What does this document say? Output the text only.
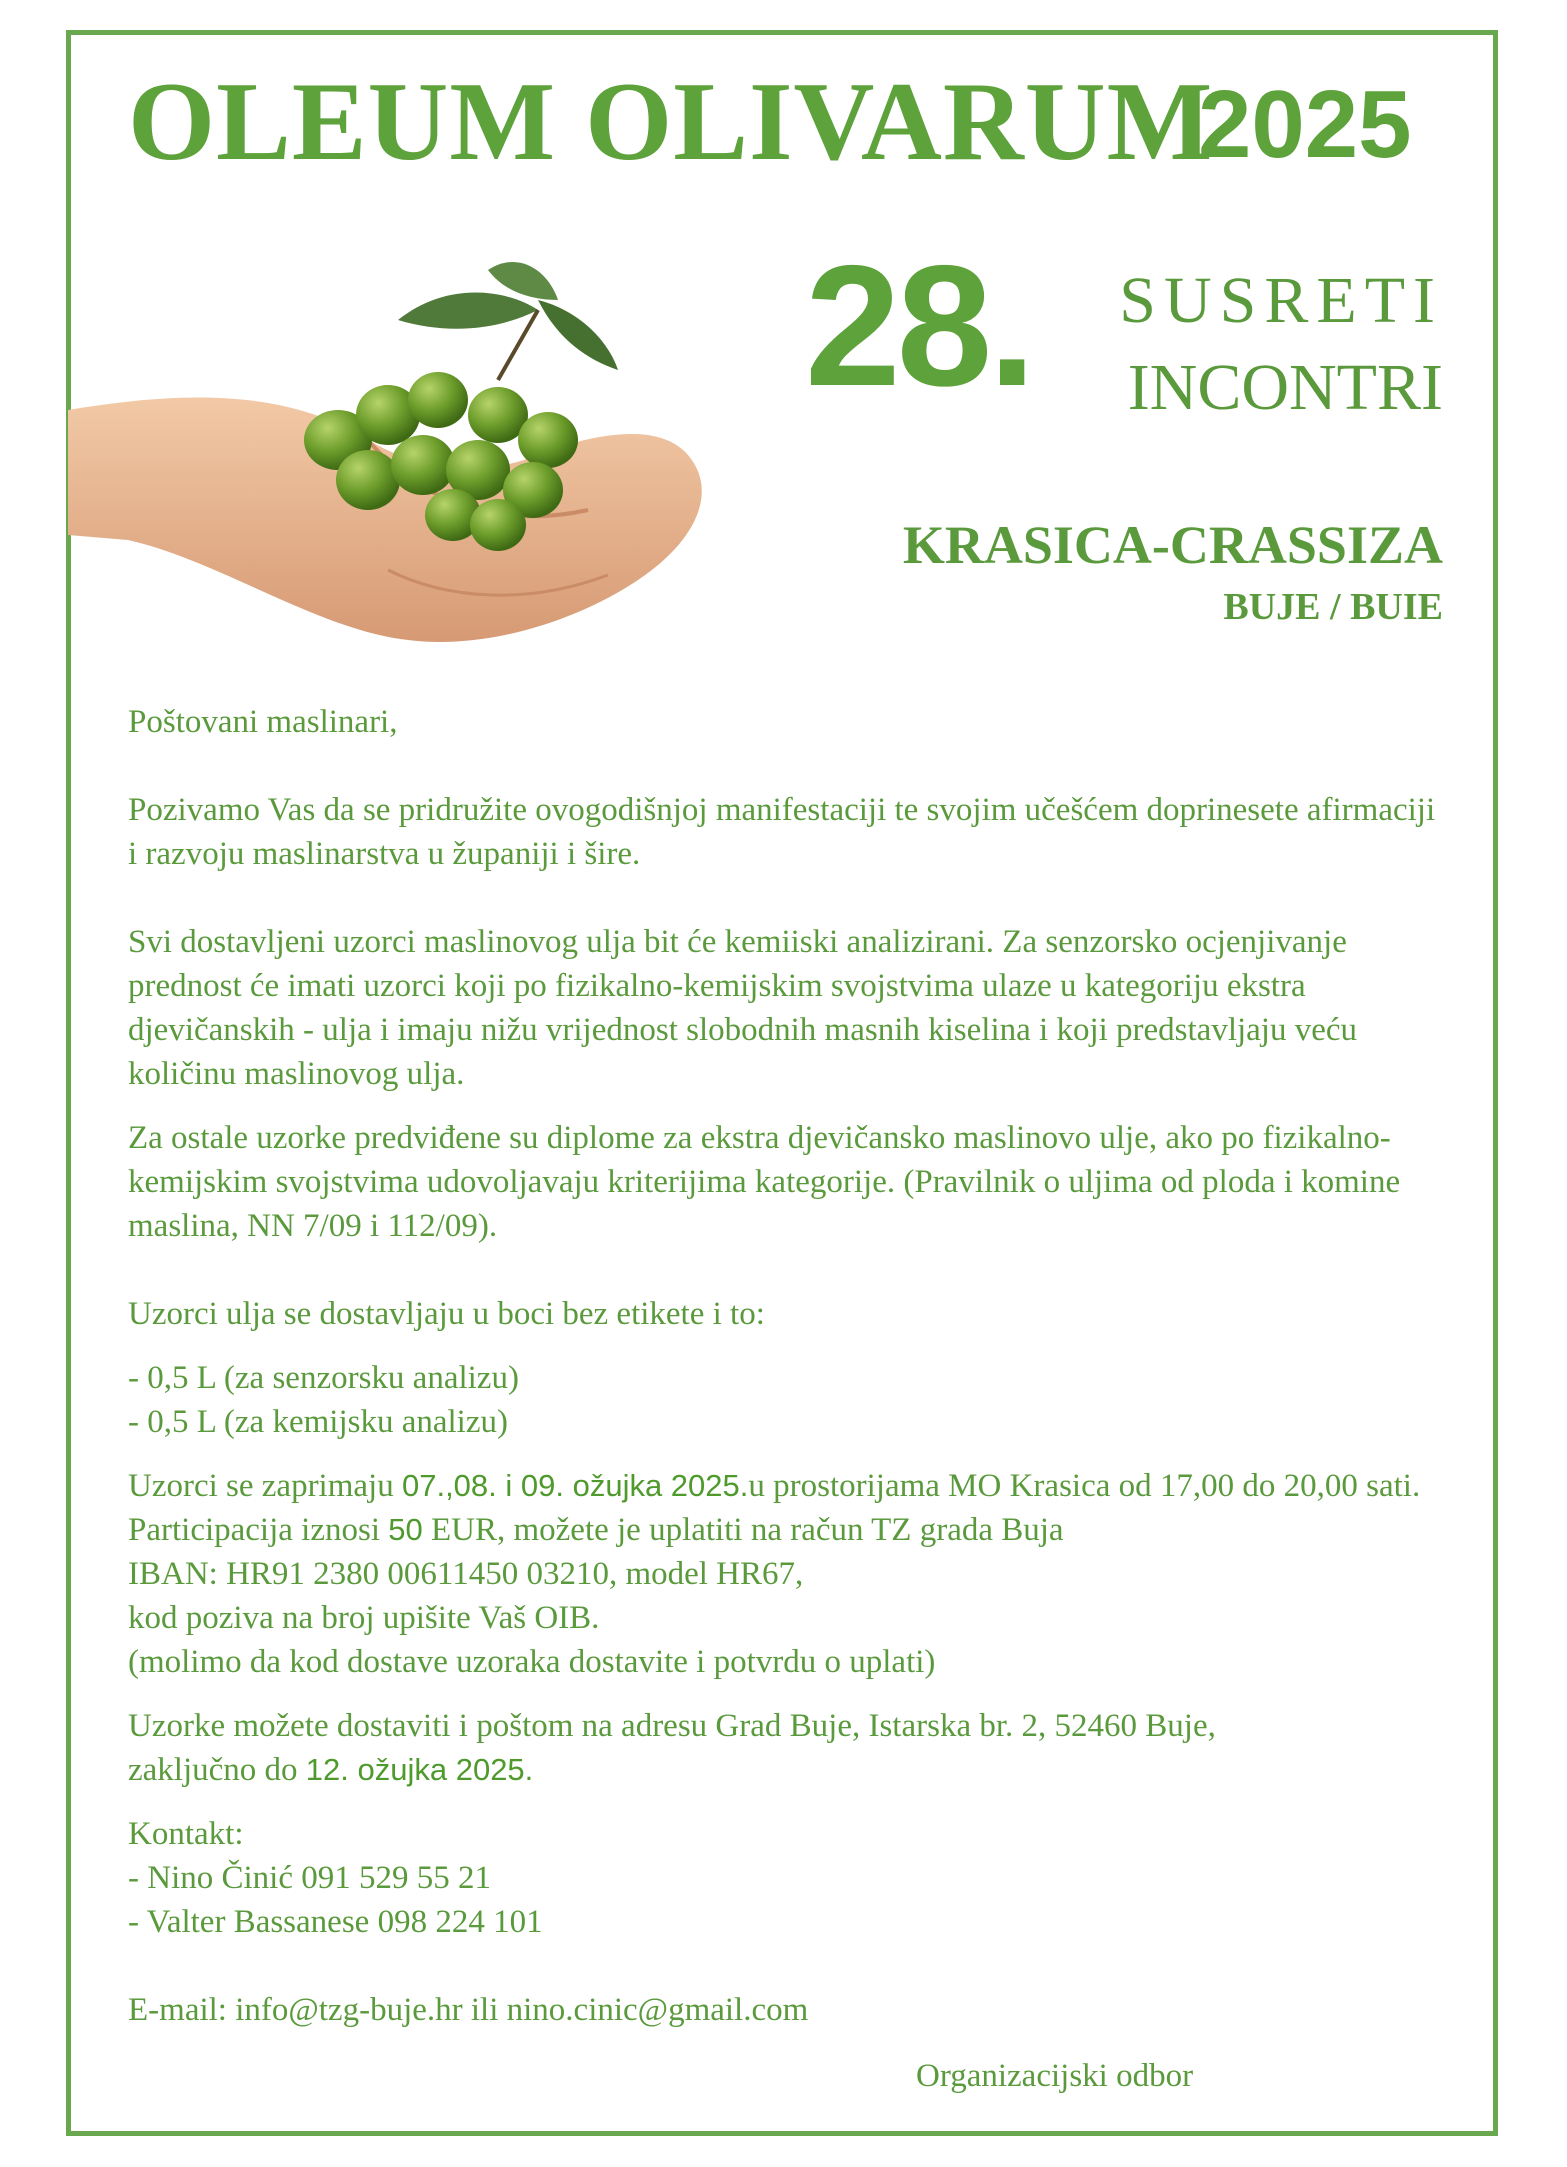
OLEUM OLIVARUM
2025
28. SUSRETI
INCONTRI
KRASICA-CRASSIZA
BUJE / BUIE

Poštovani maslinari,

Pozivamo Vas da se pridružite ovogodišnjoj manifestaciji te svojim učešćem doprinesete afirmaciji i razvoju maslinarstva u županiji i šire.

Svi dostavljeni uzorci maslinovog ulja bit će kemiiski analizirani. Za senzorsko ocjenjivanje prednost će imati uzorci koji po fizikalno-kemijskim svojstvima ulaze u kategoriju ekstra djevičanskih - ulja i imaju nižu vrijednost slobodnih masnih kiselina i koji predstavljaju veću količinu maslinovog ulja.

Za ostale uzorke predviđene su diplome za ekstra djevičansko maslinovo ulje, ako po fizikalno-kemijskim svojstvima udovoljavaju kriterijima kategorije. (Pravilnik o uljima od ploda i komine maslina, NN 7/09 i 112/09).

Uzorci ulja se dostavljaju u boci bez etikete i to:

- 0,5 L (za senzorsku analizu)

- 0,5 L (za kemijsku analizu)

Uzorci se zaprimaju 07.,08. i 09. ožujka 2025.u prostorijama MO Krasica od 17,00 do 20,00 sati.

Participacija iznosi 50 EUR, možete je uplatiti na račun TZ grada Buja

IBAN: HR91 2380 00611450 03210, model HR67,

kod poziva na broj upišite Vaš OIB.

(molimo da kod dostave uzoraka dostavite i potvrdu o uplati)

Uzorke možete dostaviti i poštom na adresu Grad Buje, Istarska br. 2, 52460 Buje,

zaključno do 12. ožujka 2025.

Kontakt:

- Nino Činić 091 529 55 21

- Valter Bassanese 098 224 101

E-mail: info@tzg-buje.hr ili nino.cinic@gmail.com

Organizacijski odbor
